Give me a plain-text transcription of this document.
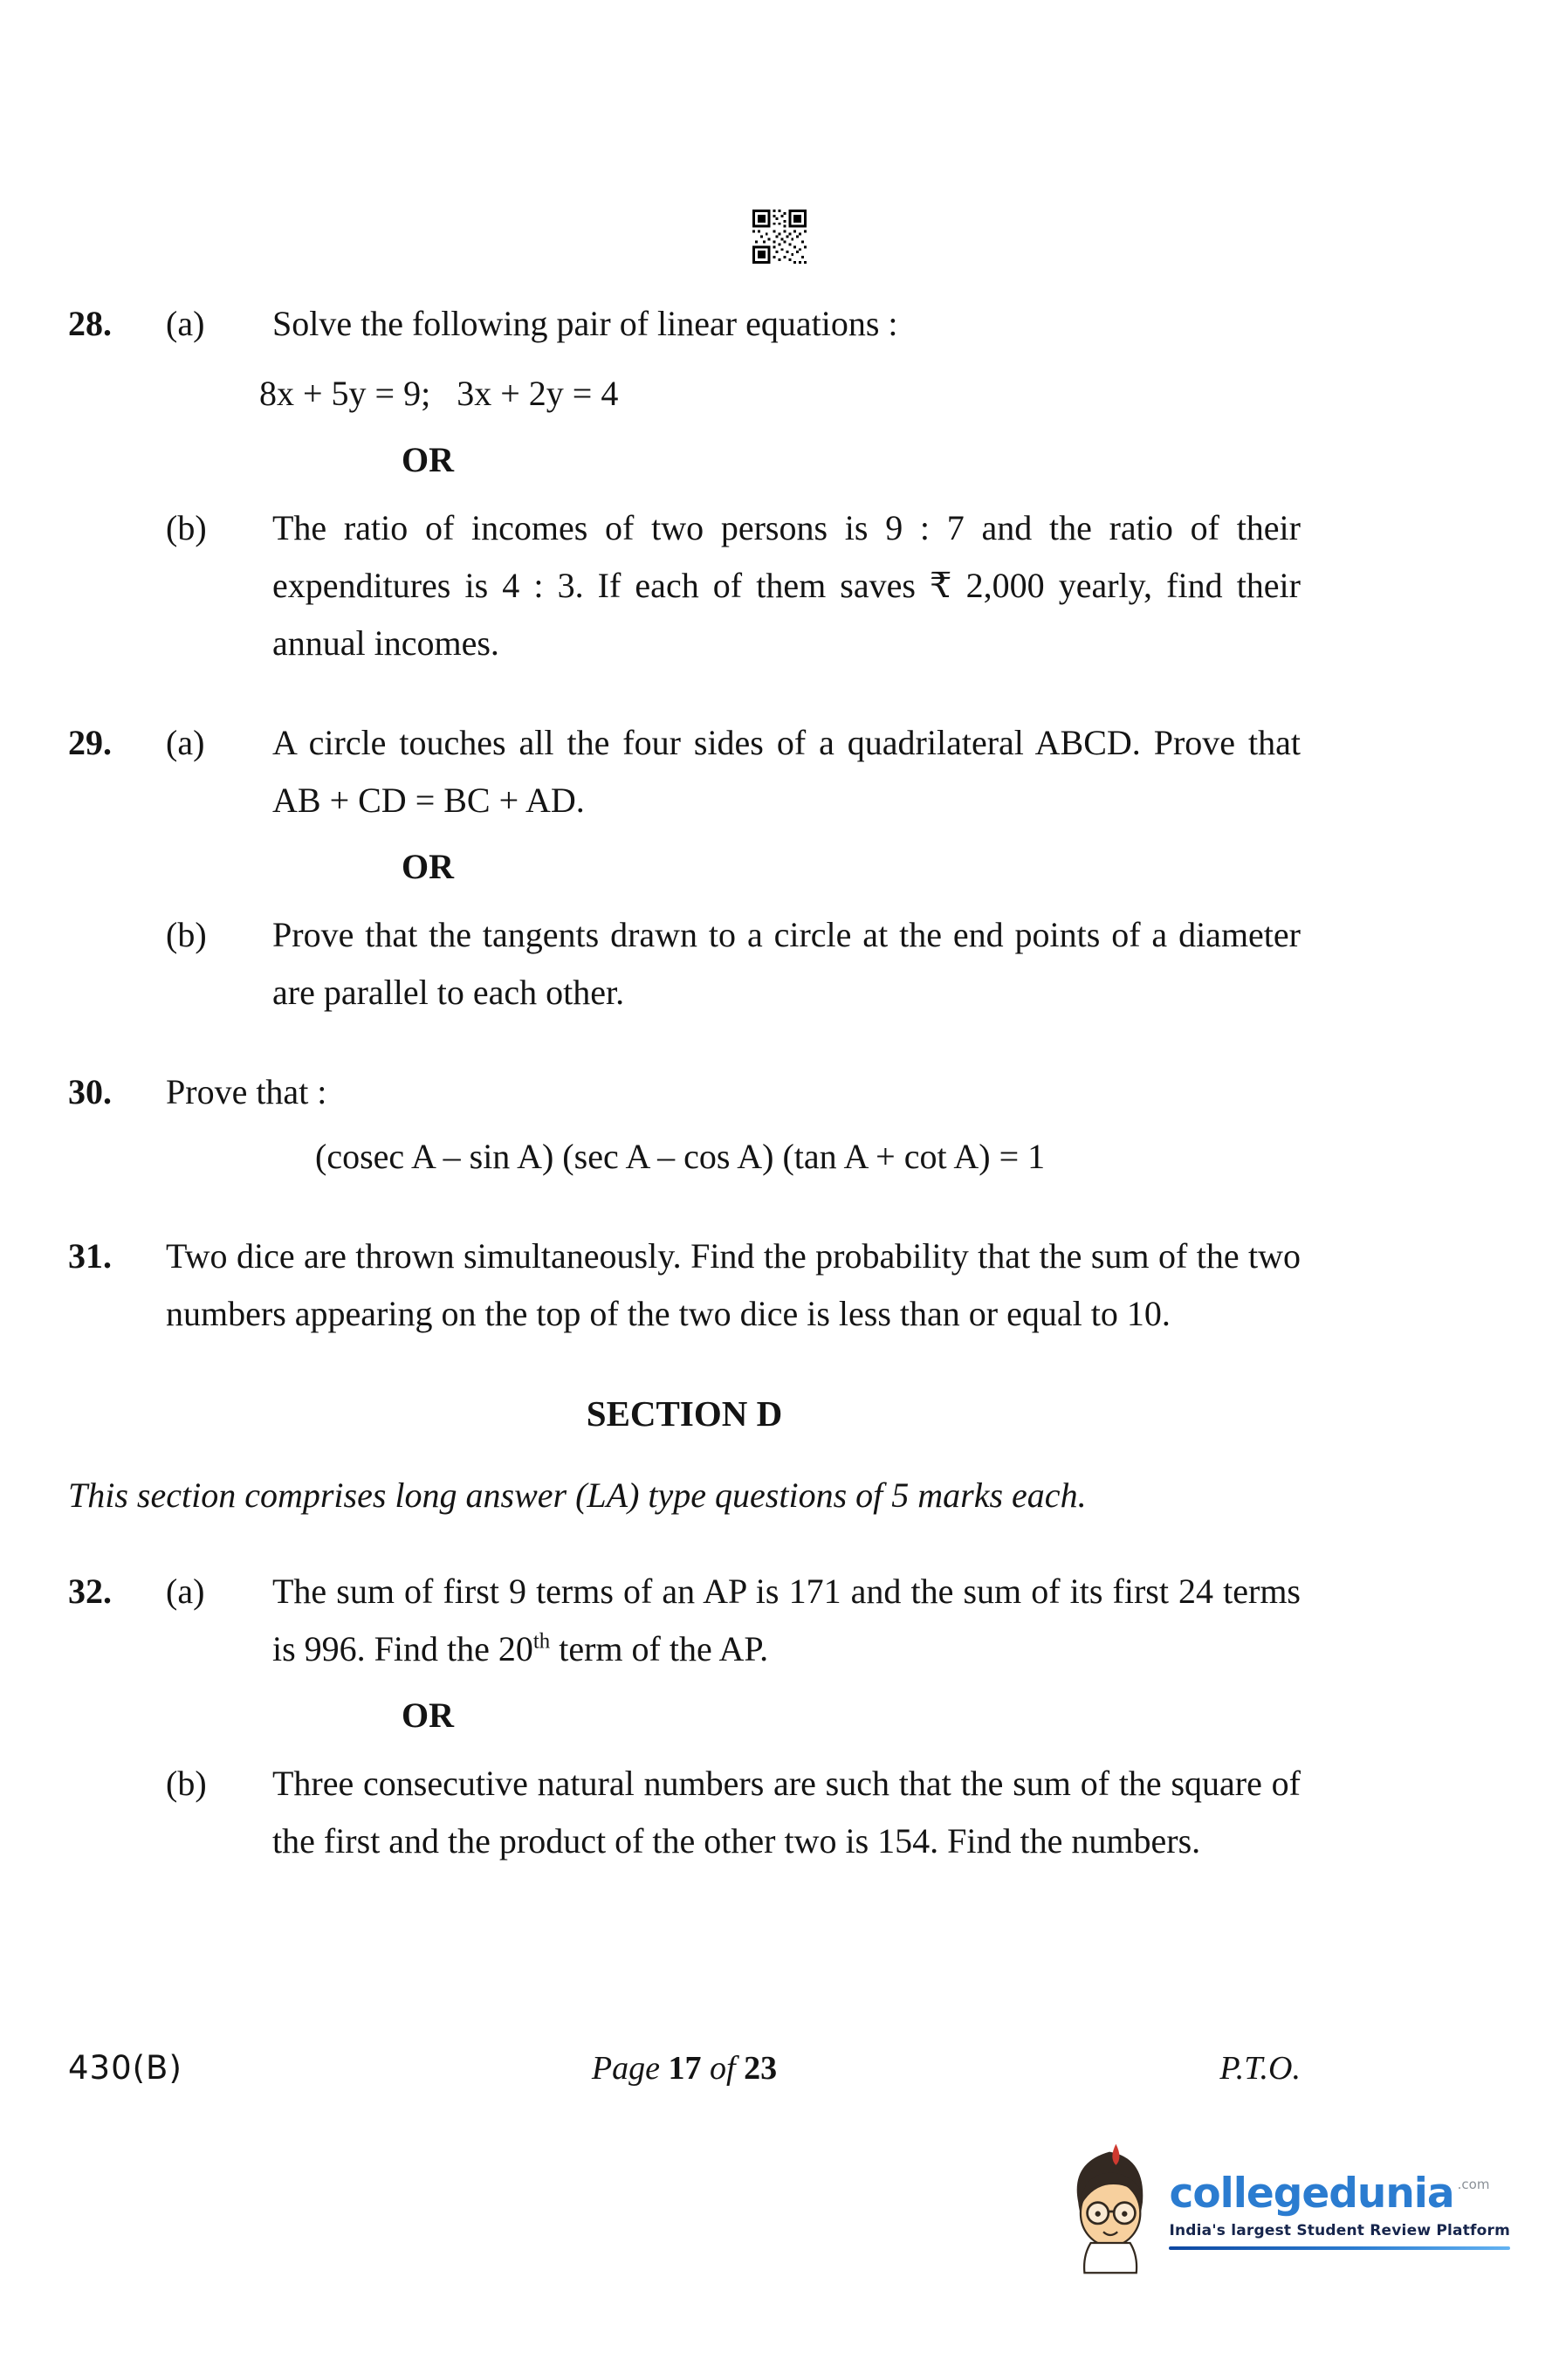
28.	(a)	Solve the following pair of linear equations :
8x + 5y = 9;   3x + 2y = 4
OR
(b)	The ratio of incomes of two persons is 9 : 7 and the ratio of their expenditures is 4 : 3. If each of them saves ₹ 2,000 yearly, find their annual incomes.
29.	(a)	A circle touches all the four sides of a quadrilateral ABCD. Prove that AB + CD = BC + AD.
OR
(b)	Prove that the tangents drawn to a circle at the end points of a diameter are parallel to each other.
30.	Prove that :
(cosec A – sin A) (sec A – cos A) (tan A + cot A) = 1
31.	Two dice are thrown simultaneously. Find the probability that the sum of the two numbers appearing on the top of the two dice is less than or equal to 10.
SECTION D
This section comprises long answer (LA) type questions of 5 marks each.
32.	(a)	The sum of first 9 terms of an AP is 171 and the sum of its first 24 terms is 996. Find the 20th term of the AP.
OR
(b)	Three consecutive natural numbers are such that the sum of the square of the first and the product of the other two is 154. Find the numbers.
430(B)	Page 17 of 23	P.T.O.
collegedunia .com
India's largest Student Review Platform
